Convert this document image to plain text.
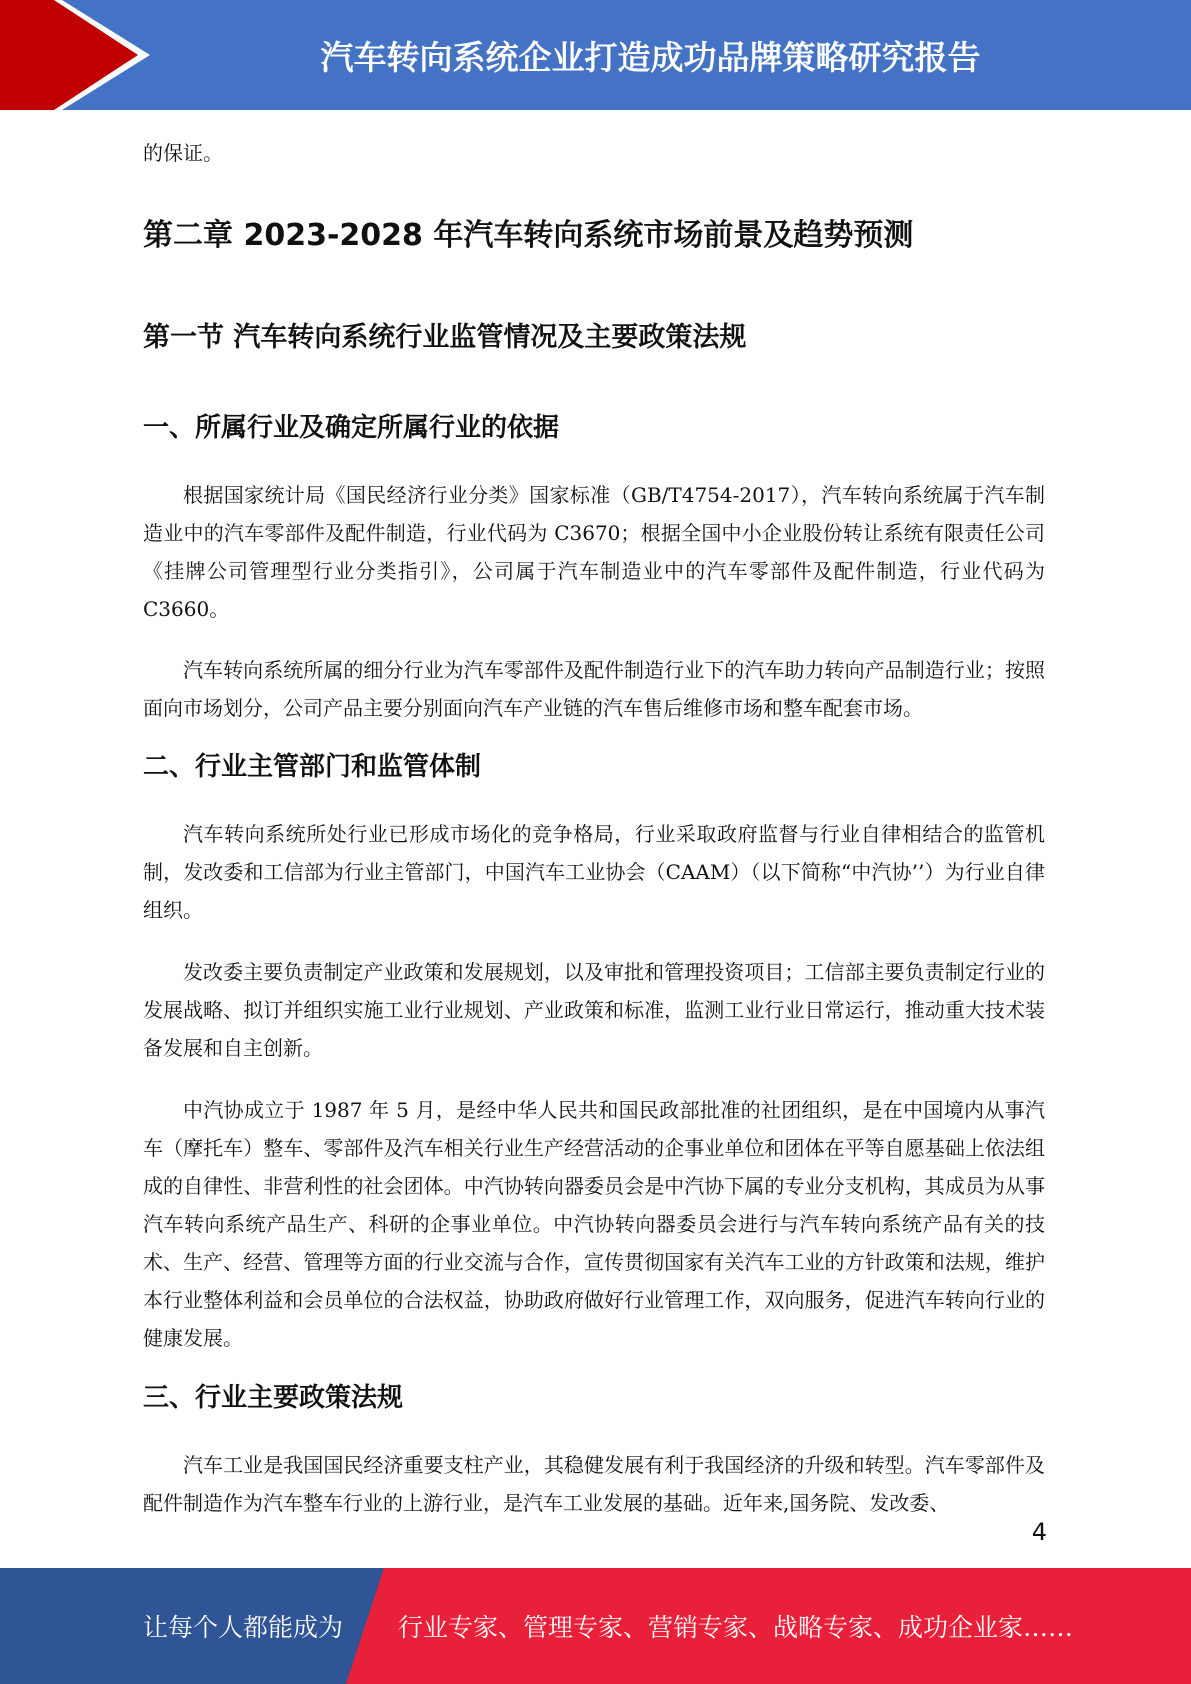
汽车转向系统企业打造成功品牌策略研究报告

的保证。

第二章 2023-2028 年汽车转向系统市场前景及趋势预测
第一节 汽车转向系统行业监管情况及主要政策法规
一、所属行业及确定所属行业的依据

根据国家统计局《国民经济行业分类》国家标准（GB/T4754-2017），汽车转向系统属于汽车制造业中的汽车零部件及配件制造，行业代码为 C3670；根据全国中小企业股份转让系统有限责任公司《挂牌公司管理型行业分类指引》，公司属于汽车制造业中的汽车零部件及配件制造，行业代码为 C3660。

汽车转向系统所属的细分行业为汽车零部件及配件制造行业下的汽车助力转向产品制造行业；按照面向市场划分，公司产品主要分别面向汽车产业链的汽车售后维修市场和整车配套市场。

二、行业主管部门和监管体制

汽车转向系统所处行业已形成市场化的竞争格局，行业采取政府监督与行业自律相结合的监管机制，发改委和工信部为行业主管部门，中国汽车工业协会（CAAM）（以下简称“中汽协’’）为行业自律组织。

发改委主要负责制定产业政策和发展规划，以及审批和管理投资项目；工信部主要负责制定行业的发展战略、拟订并组织实施工业行业规划、产业政策和标准，监测工业行业日常运行，推动重大技术装备发展和自主创新。

中汽协成立于 1987 年 5 月，是经中华人民共和国民政部批准的社团组织，是在中国境内从事汽车（摩托车）整车、零部件及汽车相关行业生产经营活动的企事业单位和团体在平等自愿基础上依法组成的自律性、非营利性的社会团体。中汽协转向器委员会是中汽协下属的专业分支机构，其成员为从事汽车转向系统产品生产、科研的企事业单位。中汽协转向器委员会进行与汽车转向系统产品有关的技术、生产、经营、管理等方面的行业交流与合作，宣传贯彻国家有关汽车工业的方针政策和法规，维护本行业整体利益和会员单位的合法权益，协助政府做好行业管理工作，双向服务，促进汽车转向行业的健康发展。

三、行业主要政策法规

汽车工业是我国国民经济重要支柱产业，其稳健发展有利于我国经济的升级和转型。汽车零部件及配件制造作为汽车整车行业的上游行业，是汽车工业发展的基础。近年来,国务院、发改委、

4
让每个人都能成为 行业专家、管理专家、营销专家、战略专家、成功企业家……
